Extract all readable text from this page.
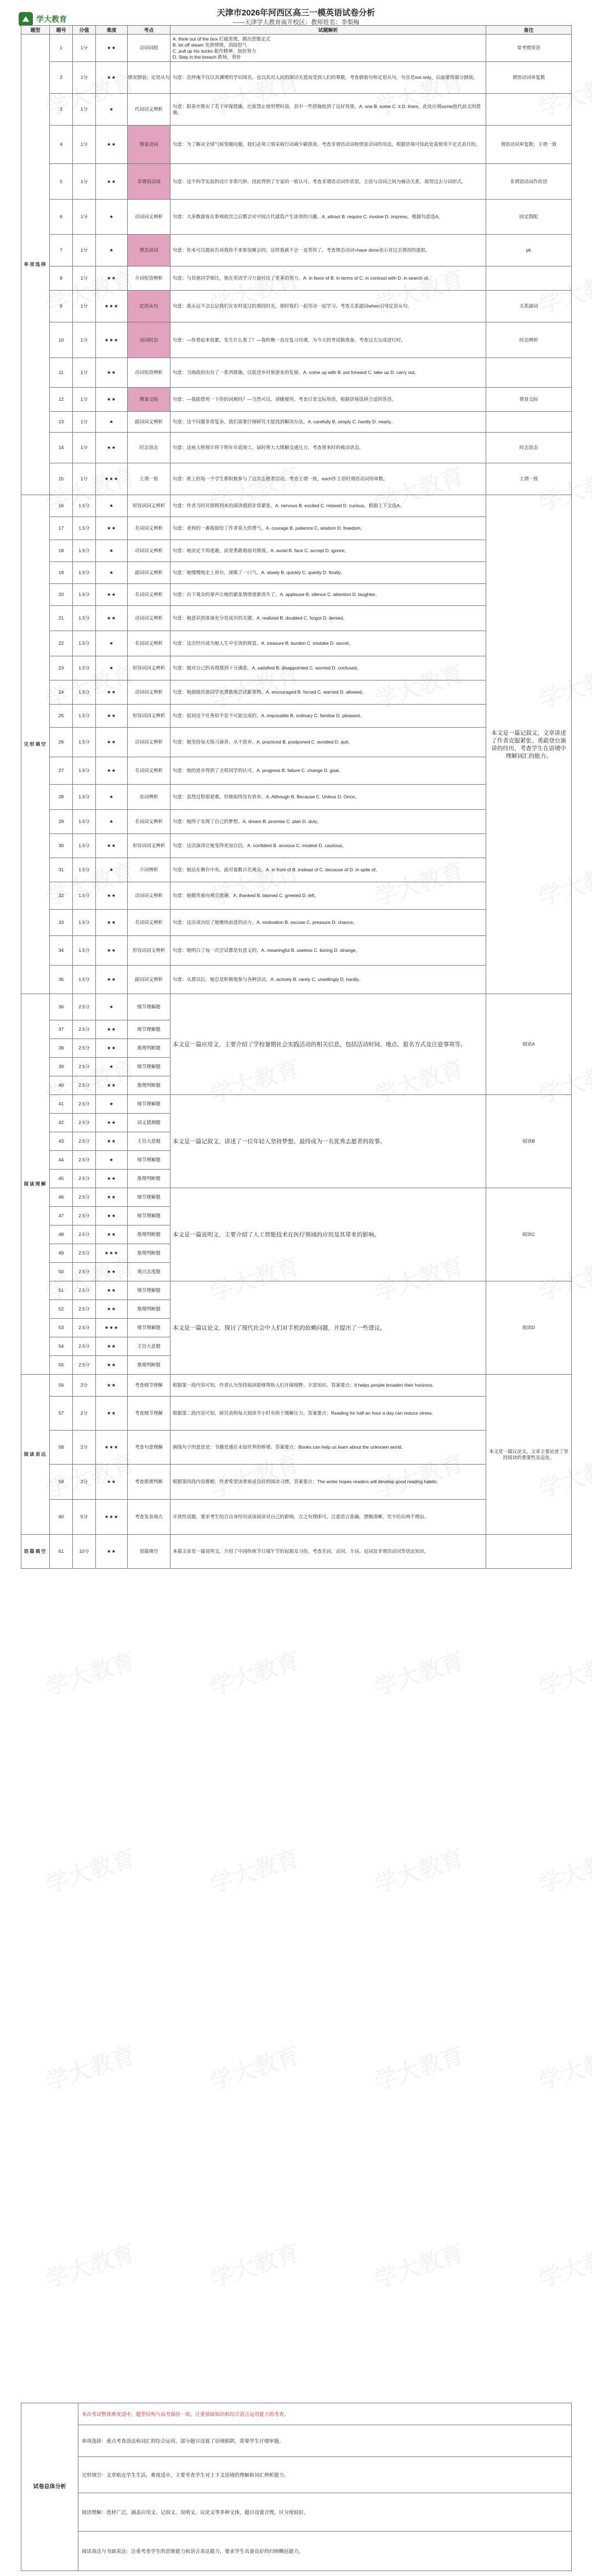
学大教育
天津市2026年河西区高三一模英语试卷分析
——天津学大教育南开校区：教师姓名：李梨梅
题型	题号	分值	难度	考点	试题解析	备注
单项选择	1	1分	★★	动词词组	A. think out of the box 打破常规，跳出思维定式
B. let off steam 发泄情绪，消除怒气
C. pull up his socks 振作精神，加倍努力
D. Step in the breach 救场，替补	常考惯用语
	2	1分	★★	情况倒装；定语从句	句意：范仲淹不仅以其渊博的学识闻名，也以其对人民的深切关爱而受到人们的尊敬。考查倒装句和定语从句，句首是not only，后面要用部分倒装。	谓语动词单复数
	3	1分	★	代词词义辨析	句意：阳春市推出了若干环保措施，比如禁止使用塑料袋，其中一些措施收到了良好效果。A. one B. some C. it D. them。此处应填some指代前文的措施。	
	4	1分	★★	情景动词	句意：为了解决全球气候变暖问题，我们必须立刻采取行动减少碳排放。考查非谓语动词和情景动词的用法，根据语境可知此处需使用不定式表目的。	谓语动词单复数；主谓一致
	5	1分	★★	非谓语动词	句意：这个科学实验的设计非常巧妙，因此得到了专家的一致认可。考查非谓语动词作状语，主语与动词之间为被动关系，故用过去分词形式。	非谓语动词作状语
	6	1分	★	动词词义辨析	句意：大多数游客在参观故宫之后都会对中国古代建筑产生浓厚的兴趣。A. attract B. require C. involve D. impress。根据句意选A。	固定搭配
	7	1分	★	情态动词	句意：你本可以提前告诉我你不来参加聚会的，这样我就不会一直等你了。考查情态动词+have done表示对过去情况的虚拟。	pk
	8	1分	★★	介词短语辨析	句意：与其他同学相比，他在英语学习方面付出了更多的努力。A. in favor of B. in terms of C. in contrast with D. in search of。	
	9	1分	★★★	定语从句	句意：我永远不会忘记我们在农村度过的那段时光，那时我们一起劳动一起学习。考查关系副词when引导定语从句。	关系副词
	10	1分	★★★	动词时态	句意：—你看起来很累，发生什么事了？—我昨晚一直在复习功课，为今天的考试做准备。考查过去完成进行时。	时态辨析
	11	1分	★★	动词短语辨析	句意：当地政府出台了一系列措施，以促进乡村旅游业的发展。A. come up with B. put forward C. take up D. carry out。	
	12	1分	★★	情景交际	句意：—我能借用一下你的词典吗？—当然可以，请随便用。考查日常交际用语，根据语境选择合适的答语。	情景交际
	13	1分	★	副词词义辨析	句意：这个问题非常复杂，我们需要仔细研究才能找到解决办法。A. carefully B. simply C. hardly D. nearly。	
	14	1分	★★	时态语态	句意：这座大桥预计将于明年年底竣工，届时将大大缓解交通压力。考查将来时的被动语态。	时态语态
	15	1分	★★★	主谓一致	句意：班上的每一个学生都积极参与了这次志愿者活动。考查主谓一致，each作主语时谓语动词用单数。	主谓一致
完形填空	16	1.5分	★	形容词词义辨析	句意：作者当时对即将到来的演讲感到非常紧张。A. nervous B. excited C. relaxed D. curious。根据上下文选A。	本文是一篇记叙文，文章讲述了作者克服紧张、勇敢登台演讲的经历，考查学生在语境中理解词汇的能力。
	17	1.5分	★★	名词词义辨析	句意：老师的一番鼓励给了作者莫大的勇气。A. courage B. patience C. wisdom D. freedom。	
	18	1.5分	★	动词词义辨析	句意：她决定不再逃避，而是勇敢地面对挑战。A. avoid B. face C. accept D. ignore。	
	19	1.5分	★	副词词义辨析	句意：她慢慢地走上讲台，深吸了一口气。A. slowly B. quickly C. quietly D. finally。	
	20	1.5分	★★	名词词义辨析	句意：台下观众的掌声让她的紧张情绪逐渐消失了。A. applause B. silence C. attention D. laughter。	
	21	1.5分	★★	动词词义辨析	句意：她意识到准备充分是成功的关键。A. realized B. doubted C. forgot D. denied。	
	22	1.5分	★	名词词义辨析	句意：这次经历成为她人生中宝贵的财富。A. treasure B. burden C. mistake D. secret。	
	23	1.5分	★	形容词词义辨析	句意：她对自己的表现感到十分满意。A. satisfied B. disappointed C. worried D. confused。	
	24	1.5分	★★	动词词义辨析	句意：她鼓励其他同学也勇敢地尝试新事物。A. encouraged B. forced C. warned D. allowed。	
	25	1.5分	★★	形容词词义辨析	句意：起初这个任务似乎是不可能完成的。A. impossible B. ordinary C. familiar D. pleasant。	
	26	1.5分	★★	动词词义辨析	句意：她坚持每天练习演讲，从不放弃。A. practiced B. postponed C. avoided D. quit。	
	27	1.5分	★★	名词词义辨析	句意：她的进步得到了全班同学的认可。A. progress B. failure C. change D. goal。	
	28	1.5分	★	连词辨析	句意：虽然过程很艰难，但她始终没有放弃。A. Although B. Because C. Unless D. Once。	
	29	1.5分	★	名词词义辨析	句意：她终于实现了自己的梦想。A. dream B. promise C. plan D. duty。	
	30	1.5分	★★	形容词词义辨析	句意：这次演讲让她变得更加自信。A. confident B. anxious C. modest D. cautious。	
	31	1.5分	★	介词辨析	句意：她站在舞台中央，面对着数百名观众。A. in front of B. instead of C. because of D. in spite of。	
	32	1.5分	★★	动词词义辨析	句意：她微笑着向观众致谢。A. thanked B. blamed C. greeted D. left。	
	33	1.5分	★★	名词词义辨析	句意：这次成功给了她继续前进的动力。A. motivation B. excuse C. pressure D. chance。	
	34	1.5分	★★	形容词词义辨析	句意：她明白了每一次尝试都是有意义的。A. meaningful B. useless C. boring D. strange。	
	35	1.5分	★★	副词词义辨析	句意：从那以后，她总是积极地参与各种活动。A. actively B. rarely C. unwillingly D. hardly。	
阅读理解	36	2.5分	★	细节理解题	本文是一篇应用文，主要介绍了学校暑期社会实践活动的相关信息，包括活动时间、地点、报名方式及注意事项等。	阅读A
	37	2.5分	★★	细节理解题		
	38	2.5分	★★	推理判断题		
	39	2.5分	★	细节理解题		
	40	2.5分	★★	推理判断题		
	41	2.5分	★	细节理解题	本文是一篇记叙文，讲述了一位年轻人坚持梦想、最终成为一名优秀志愿者的故事。	阅读B
	42	2.5分	★★	词义猜测题		
	43	2.5分	★★	主旨大意题		
	44	2.5分	★	细节理解题		
	45	2.5分	★★	推理判断题		
	46	2.5分	★★	细节理解题	本文是一篇说明文，主要介绍了人工智能技术在医疗领域的应用及其带来的影响。	阅读C
	47	2.5分	★★	细节理解题		
	48	2.5分	★★	推理判断题		
	49	2.5分	★★★	推理判断题		
	50	2.5分	★★	观点态度题		
	51	2.5分	★★	细节理解题	本文是一篇议论文，探讨了现代社会中人们对手机的依赖问题，并提出了一些建议。	阅读D
	52	2.5分	★★	推理判断题		
	53	2.5分	★★★	细节理解题		
	54	2.5分	★★	主旨大意题		
	55	2.5分	★★	推理判断题		
阅读表达	56	2分	★★	考查细节理解	根据第一段内容可知，作者认为坚持阅读能够帮助人们开阔视野、丰富知识。答案要点：It helps people broaden their horizons.	本文是一篇议论文，文章主要论述了坚持阅读的重要性及益处。
	57	2分	★★	考查细节理解	根据第二段内容可知，研究表明每天阅读半小时有助于缓解压力。答案要点：Reading for half an hour a day can reduce stress.	
	58	2分	★★★	考查句意理解	画线句子的意思是：书籍是通往未知世界的桥梁。答案要点：Books can help us learn about the unknown world.	
	59	2分	★★	考查推理判断	根据第四段内容推断，作者希望读者养成良好的阅读习惯。答案要点：The writer hopes readers will develop good reading habits.	
	60	5分	★★★	考查发表观点	开放性试题，要求考生结合自身经历谈谈阅读对自己的影响，言之有理即可。注意语言准确，逻辑清晰，至少给出两个理由。	
语篇填空	61	10分	★★	语篇填空	本篇文章是一篇说明文，介绍了中国传统节日端午节的起源及习俗，考查名词、动词、介词、冠词及非谓语动词等语法知识。	
试卷总体分析	本次考试整体难度适中，题型结构与高考保持一致，注重基础知识和综合语言运用能力的考查。
单项选择：重点考查语法和词汇的综合运用，部分题目设置了语境陷阱，需要学生仔细审题。
完形填空：文章贴近学生生活，难度适中，主要考查学生对上下文语境的理解和词汇辨析能力。
阅读理解：选材广泛，涵盖应用文、记叙文、说明文、议论文等多种文体，题目设置合理，区分度较好。
阅读表达与书面表达：注重考查学生的思维能力和语言表达能力，要求学生具备良好的归纳概括能力。
